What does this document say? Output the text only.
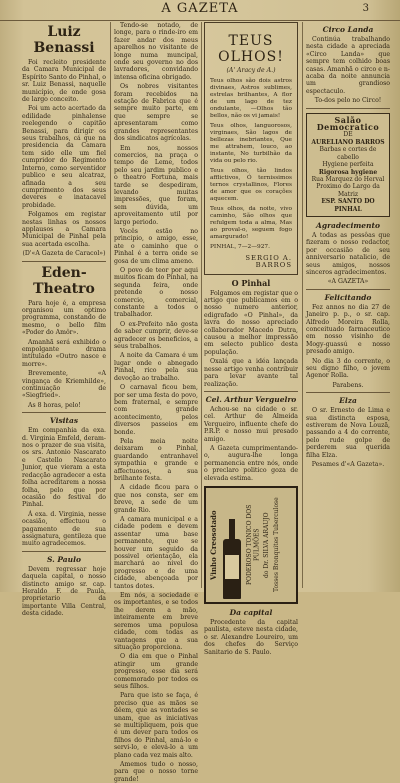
A GAZETA	3
Luiz Benassi

Foi recleito presidente da Camara Municipal de Espírito Santo do Pinhal, o sr. Luiz Benassi, naquelle município, de onde gosa de largo conceito.

Foi um acto acertado da edilidade pinhalense reelegendo o capitão Benassi, para dirigir os seus trabalhos, cá que na presidencia da Camara tem sido elle um fiel cumpridor do Regimento Interno, como serventidor publico e seu alcatraz, afinada a seu cumprimento dos seus deveres e inatacavel probidade.

Folgamos em registar nestas linhas os nossos applausos a Camara Municipal de Pinhal pela sua acertada escolha.

(D'«A Gazeta de Caracol»)

Eden-Theatro

Para hoje é, a empresa organisou um optimo programma, constando de mesmo, o bello film «Poder do Amôr».

Amanhã será exhibido o empolgante drama intitulado «Outro nasce e morre».

Brevemente, «A vingança de Kriemhilde», continuação de «Siegfried».

As 8 horas, pelo!

Visitas

Em companhia da exa. d. Virginia Emfeld, deram-nos o prazer de sua visita, os srs. Antonio Nascarato e Castello Nascarato Junior, que vieram a esta redacção agradecer a esta folha acreditarem a nossa folha, pelo que por ocasião do festival do Pinhal.

Á exa. d. Virginia, nesse ocasião, effectuou o pagamento de sua assignatura, gentileza que muito agradecemos.

S. Paulo

Devem regressar hoje daquela capital, o nosso distincto amigo sr. cap. Heraldo F. de Paula, proprietario da importante Villa Central, desta cidade.

Tendo-se notado, de longe, para o rinde-iro em fazer andar dos meus aparelhos no visitante de longe numa muncipal, onde seu governo no dos lavradores, convidando intensa oficina obrigado.

Os nobres visitantes foram recebidos na estação de Fabrica que é sempre muito parte, em que sempre se apresentaram como grandes representantes dos sindicatos agrícolas.

Em nos, nossos comercios, na praça o tempo de Leme, todos pelo seu jardim publico e o theatro Fortuna, mais tarde se despediram, levando muitas impressões, que foram, sem dúvida, um aproveitamento util por largo periodo.

Vocês estão no principio, o amigo, esse, ate o caminho que o Pinhal é a terra onde se gosa de um clima ameno.

O povo de teor por aqui muitos ficam do Pinhal, na segunda feira, onde pretende o nosso comercio, comercial, constante a todos o trabalhador.

O ex-Prefeito não gosta de saber cumprir, deve-se agradecer os beneficios, a seus trabalhos.

A noite da Camara é um lugar onde o abnegado Pinhal, rico pela sua devoção ao trabalho.

O carnaval ficou bem, por ser uma festa do povo, bem fraternal, e sempre com grande acontecimento, pelos diversos passeios em bonde.

Pela meia noite deixaram o Pinhal, guardando entranhavel sympathia e grande e affectuosos, a sua brilhante festa.

A cidade ficou para o que nos consta, ser em breve, a sede de um grande Rio.

A camara municipal e a cidade podem e devem assentar uma base permanente, que se houver um seguido da possivel orientação, ela marchará ao nivel do progresso e de uma cidade, abençoada por tantos dotes.

Em nós, a sociedade e os importantes, e se todos lhe derem a mão, inteiramente em breve seremos uma populosa cidade, com todas as vantagens que a sua situação proporciona.

O dia em que o Pinhal atingir um grande progresso, esse dia será comemorado por todos os seus filhos.

Para que isto se faça, é preciso que as mãos se dêem, que as vontades se unam, que as iniciativas se multipliquem, pois que é um dever para todos os filhos do Pinhal, amá-lo e servi-lo, e elevá-lo a um plano cada vez mais alto.

Amemos tudo o nosso, para que o nosso torne grande!

TEUS OLHOS!
(A' Aracy de A.)

Teus olhos são dois astros divinaes, Astros sublimes, estrelas brilhantes, A flor de um lago de tez ondulante, —Olhos tão bellos, não os vi jamais!

Teus olhos, languorosos, virginaes, São lagos de bellezas inebriantes, Que me attrahem, louco, ao instante, No turbilhão da vida ou pelo rio.

Teus olhos, tão lindos afflictivos, Ó ternissimos ternos crystallinos, Flores de amor que os corações aquecem.

Teus olhos, da noite, vivo caminho, São olhos que refulgem toda a alma, Mas ao proval-o, seguem fogo amargurado!

PINHAL, 7—2—927.
SERGIO A. BARROS
O Pinhal

Folgamos em registar que o artigo que publicamos em o nosso numero anterior, edigrafado «O Pinhal», da lavra do nosso apreciado collaborador Macedo Dutra, causou a melhor impressão em selecto publico desta população.

Oxalá que a idéa lançada nesse artigo venha contribuir para levar avante tal realização.

Cel. Arthur Verguelro

Achou-se na cidade o sr. cel. Arthur de Almeida Vergueiro, influente chefe do P.R.P. e nosso mui presado amigo.

A Gazeta cumprimentando-o, augura-lhe longa permanencia entre nós, onde o preclaro politico goza de elevada estima.

Vinho Creosotado	PODEROSO TONICO DOS PULMÕES do Dr. SILVA ARAUJO Tosses Bronquites Tuberculose
Da capital

Procedente da capital paulista, esteve nesta cidade, o sr. Alexandre Loureiro, um dos chefes do Serviço Sanitario de S. Paulo.

Circo Landa

Continúa trabalhando nesta cidade a apreciada «Circo Landa» que sempre tem colhido boas casas. Amanhã o circo e n-acaba da noite annuncia um grandioso espectaculo.

To-dos pelo no Circo!

Salão Democratico
DE
AURELIANO BARROS
Barbas e cortes de cabello
Hygiene perfeita
Rigorosa hygiene
Rua Marquez do Herval
Proximo do Largo da Matriz
ESP. SANTO DO PINHAL
Agradecimento

A todas as pessôas que fizeram o nosso redactor, por occasião de seu anniversario natalicio, de seus amigos, nossos sinceros agradecimentos.

«A GAZETA»

Felicitando

Fez annos no dia 27 de Janeiro p. p., o sr. cap. Alfredo Moreira Rolla, conceituado farmaceutico em nosso visinho de Mogy-guassú e nosso presado amigo.

No dia 3 do corrente, o seu digno filho, o jovem Agenor Rolla.

Parabens.

Elza

O sr. Ernesto de Lima e sua distincta esposa, estiveram de Nova Louzã, passando a 4 do corrente, pelo rude golpe de perderem sua querida filha Elza.

Pesames d'«A Gazeta».
